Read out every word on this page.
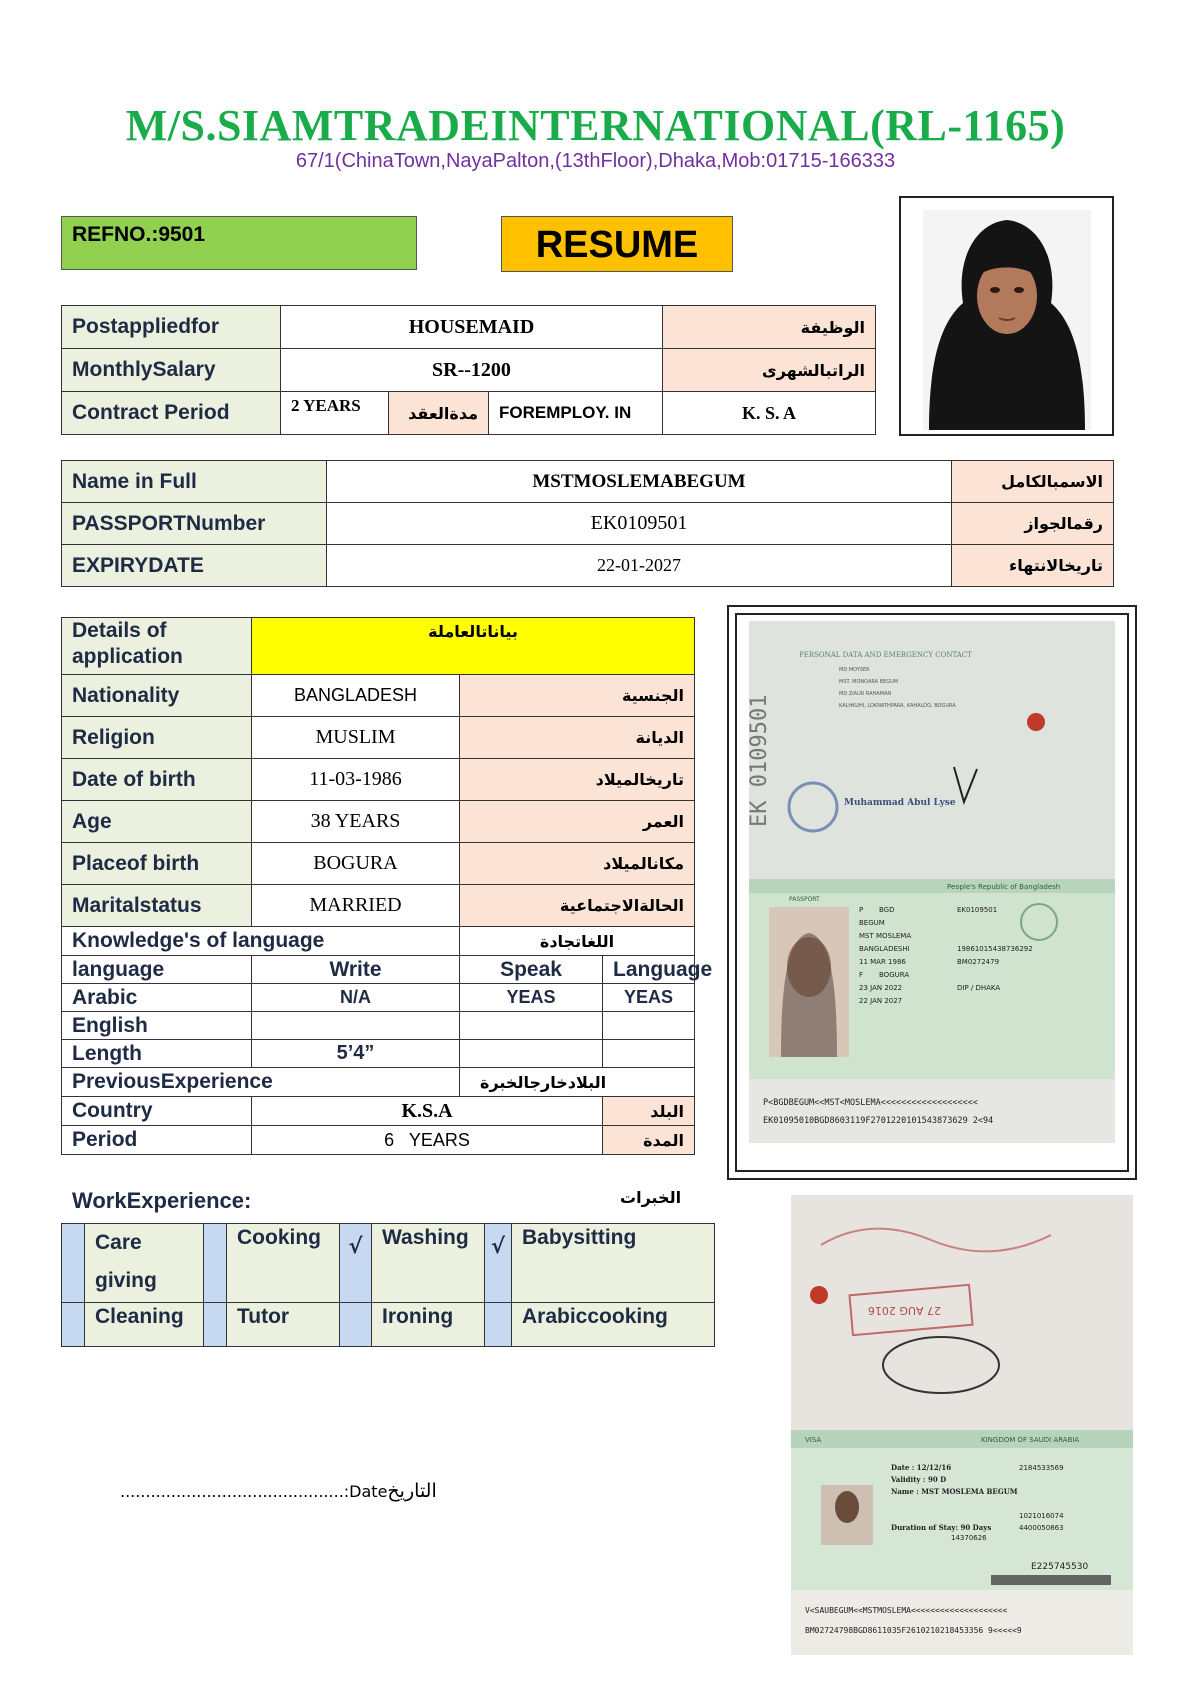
M/S.SIAMTRADEINTERNATIONAL(RL-1165)
67/1(ChinaTown,NayaPalton,(13thFloor),Dhaka,Mob:01715-166333
REFNO.:9501	RESUME
Postappliedfor	HOUSEMAID			الوظيفة
MonthlySalary	SR--1200			الراتبالشهرى
Contract Period	2 YEARS	مدةالعقد	FOREMPLOY. IN	K. S. A
Name in Full	MSTMOSLEMABEGUM	الاسمبالكامل
PASSPORTNumber	EK0109501	رقمالجواز
EXPIRYDATE	22-01-2027	تاريخالانتهاء
Details of application	بياناتالعاملة		
Nationality	BANGLADESH	الجنسية	
Religion	MUSLIM	الديانة	
Date of birth	11-03-1986	تاريخالميلاد	
Age	38 YEARS	العمر	
Placeof birth	BOGURA	مكانالميلاد	
Maritalstatus	MARRIED	الحالةالاجتماعية	
Knowledge's of language		اللغاتجادة	
language	Write	Speak	Language
Arabic	N/A	YEAS	YEAS
English			
Length	5’4”		
PreviousExperience		البلادخارجالخبرة	
Country	K.S.A		البلد
Period	6   YEARS		المدة
EK 0109501
PERSONAL DATA AND EMERGENCY CONTACT
MD MOYSER
MST. MONOARA BEGUM
MD ZIAUR RAHAMAN
KALHKUHI, LOKNATHPARA, KAHALOO, BOGURA
Muhammad Abul Lyse
People's Republic of Bangladesh
PASSPORT
P BGD	EK0109501
BEGUM
MST MOSLEMA
BANGLADESHI	19861015438736292
11 MAR 1986	BM0272479
F BOGURA
23 JAN 2022	DIP / DHAKA
22 JAN 2027
P<BGDBEGUM<<MST<MOSLEMA<<<<<<<<<<<<<<<<<<<
EK01095010BGD8603119F2701220101543873629 2<94
WorkExperience:	الخبرات
	Care giving		Cooking	√	Washing	√	Babysitting
	Cleaning		Tutor		Ironing		Arabiccooking	27 AUG 2016
VISA	KINGDOM OF SAUDI ARABIA
Date : 12/12/16	2184533569
Validity : 90 D
Name : MST MOSLEMA BEGUM
1021016074
Duration of Stay: 90 Days	4400050863
14370626
E225745530
V<SAUBEGUM<<MSTMOSLEMA<<<<<<<<<<<<<<<<<<<<
BM02724798BGD8611035F2610210218453356 9<<<<<9
............................................:Dateالتاريخ
